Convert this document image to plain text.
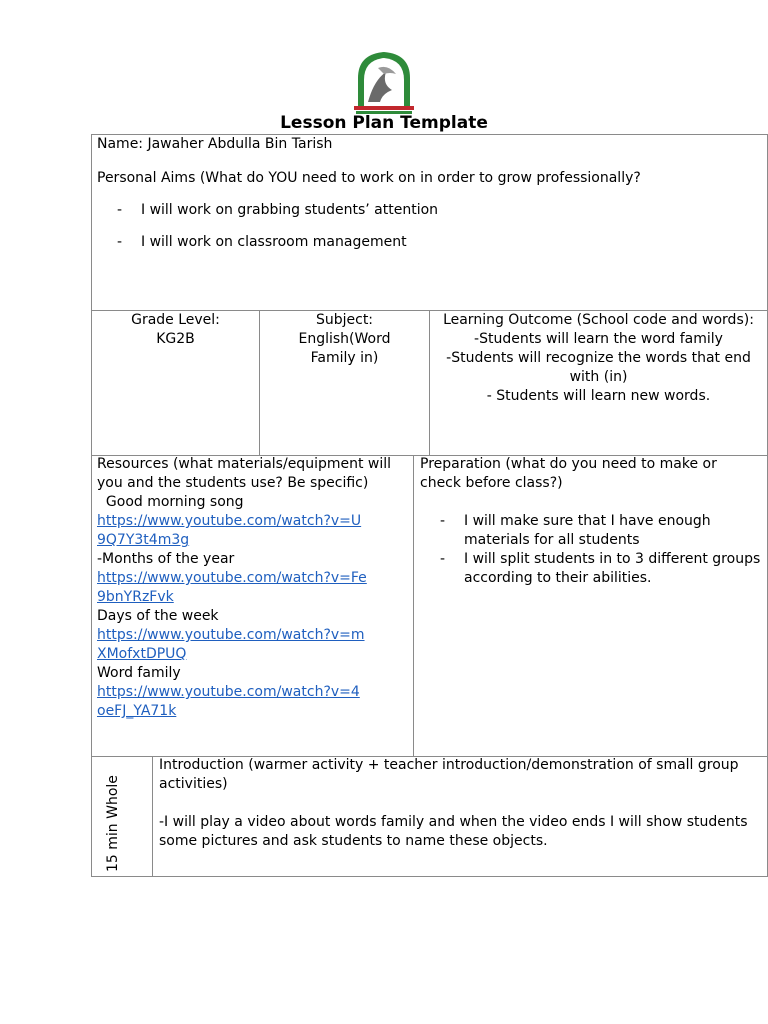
Lesson Plan Template
Name: Jawaher Abdulla Bin Tarish
Personal Aims (What do YOU need to work on in order to grow professionally?
- I will work on grabbing students’ attention
- I will work on classroom management
Grade Level:
KG2B
Subject:
English(Word
Family in)
Learning Outcome (School code and words):
-Students will learn the word family
-Students will recognize the words that end with (in)
- Students will learn new words.
Resources (what materials/equipment will you and the students use? Be specific)
Good morning song
https://www.youtube.com/watch?v=U9Q7Y3t4m3g
-Months of the year
https://www.youtube.com/watch?v=Fe9bnYRzFvk
Days of the week
https://www.youtube.com/watch?v=mXMofxtDPUQ
Word family
https://www.youtube.com/watch?v=4oeFJ_YA71k
Preparation (what do you need to make or check before class?)
- I will make sure that I have enough materials for all students
- I will split students in to 3 different groups according to their abilities.
15 min Whole
Introduction (warmer activity + teacher introduction/demonstration of small group activities)
-I will play a video about words family and when the video ends I will show students some pictures and ask students to name these objects.
